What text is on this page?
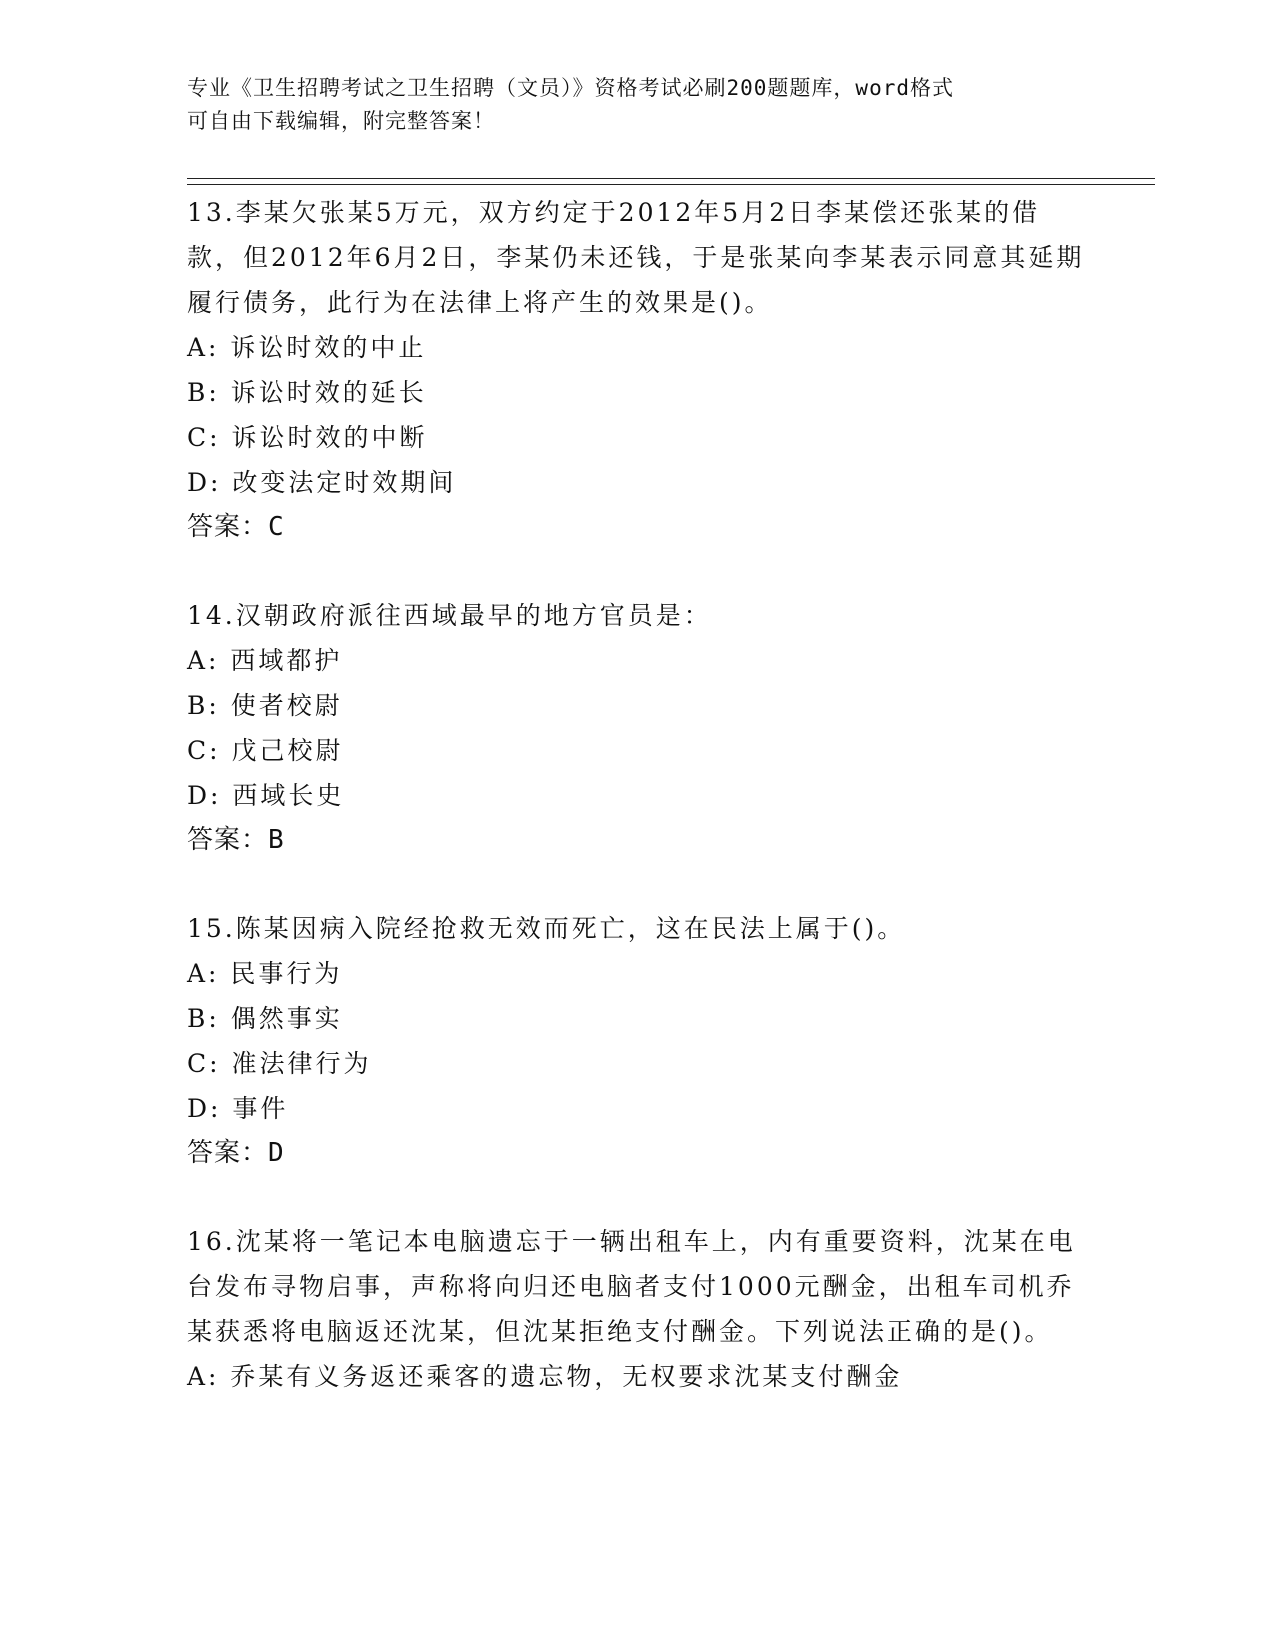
专业《卫生招聘考试之卫生招聘（文员）》资格考试必刷200题题库，word格式
可自由下载编辑，附完整答案！

13.李某欠张某5万元，双方约定于2012年5月2日李某偿还张某的借款，但2012年6月2日，李某仍未还钱，于是张某向李某表示同意其延期履行债务，此行为在法律上将产生的效果是()。

A: 诉讼时效的中止

B: 诉讼时效的延长

C: 诉讼时效的中断

D: 改变法定时效期间

答案：C

14.汉朝政府派往西域最早的地方官员是：

A: 西域都护

B: 使者校尉

C: 戊己校尉

D: 西域长史

答案：B

15.陈某因病入院经抢救无效而死亡，这在民法上属于()。

A: 民事行为

B: 偶然事实

C: 准法律行为

D: 事件

答案：D

16.沈某将一笔记本电脑遗忘于一辆出租车上，内有重要资料，沈某在电台发布寻物启事，声称将向归还电脑者支付1000元酬金，出租车司机乔某获悉将电脑返还沈某，但沈某拒绝支付酬金。下列说法正确的是()。

A: 乔某有义务返还乘客的遗忘物，无权要求沈某支付酬金
